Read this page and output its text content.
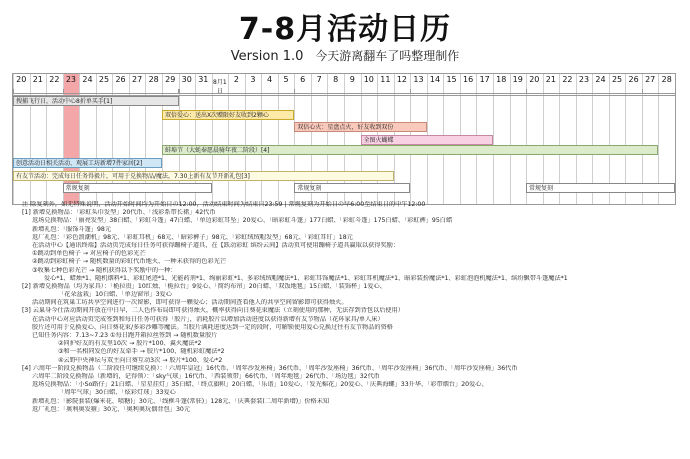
7-8月活动日历
Version 1.0 今天游离翻车了吗整理制作
20 21 22 23 24 25 26 27 28 29 30 31 8月1日
2	3	4	5	6	7	8	9	10 11 12 13 14 15 16 17 18 19 20 21 22 23 24 25 26 27 28
搜捕飞行日，活动中心8折单买手[1]
双倍爱心：送出X次赠限好友收到2颗心
双倍心火：星盘点火，好友收到双份
全图火蝴蝶
蚌埠节（大蚝奉愿晨骑年夜二阶段）[4]
创意活动日相关活动、观展工坊新增7件家居[2]
有友节活动：完成每日任务得毅片，可用于兑换物品/魔法，7.30上新有友节开新礼包[3]
常规复刻	常规复刻	常规复刻
注 除复刻外，如无特殊说明，活动开始时间均为开始日の12:00，活动结束时间为结束日23:59 | 常规复刻为开始日の早6:00至结束日的中午12:00
[1] 新增兑换物品：「彩虹头巾发型」20代币、「浅彩系带长裙」42代币
返场兑换物品：「丽亮发型」38白蜡、「彩虹斗篷」47白蜡、「单边彩虹耳坠」20爱心、「暗彩虹斗篷」177白蜡、「彩虹斗篷」175白蜡、「彩虹裤」95白蜡
新增礼包：「服饰斗篷」98元
返厂礼包：「彩色浪潮机」98元、「彩虹耳机」68元、「暗彩裤子」98元、「彩虹绒绒帽发型」68元、「彩虹耳钉」18元
在活动中心【通讯终端】活动页完成每日任务可获得蹦椅子道具，在【跃动彩虹 缤纷云间】活动页可使用蹦椅子道具赢取以获得奖励：
①跳动到单色椅子 → 对应椅子的色彩光芒
②跳动到彩虹椅子 → 随机数量的彩虹代币地火、一种未获得的色彩光芒
③收集七种色彩光芒 → 随机获得以下奖励中的一种：
爱心*1、蜡烛*1、随机烟料*1、彩虹尾迹*1、光能药剂*1、绚丽彩虹*1、多彩绒绒帽魔法*1、彩虹耳饰魔法*1、彩虹耳机魔法*1、暗彩装扮魔法*1、彩虹泡泡机魔法*1、缤纷飘带斗篷魔法*1
[2] 新增兑换物品（均为家具）：「桅拉贵」10红烛、「桅拉台」9爱心、「简约布帘」20白蜡、「双饭地毯」15白蜡、「装饰杯」1爱心、
「花朵盆栽」10白蜡、「单边窗帘」3爱心
活动期间在筑巢工坊共享空间进行一次留影，即可获得一颗爱心；活动期间查看他人的共享空间留影即可获得烛火。
[3] 云巢身今仕活动期间开放在中日早，二人色作布局即可获得烛火，概率获得向日葵花束魔法（立刻使用的那种，无法存到背包以后使用）
在活动中心对应活动页完成签到和每日任务可获得「胶片」，消耗胶片以增加活动进度以获得新增有友节物品（花环家具/单人床）
胶片还可用于兑换爱心、向日葵花束/多彩沙雕等魔法。当胶片满耗进度达到一定的段时，可解锁使用爱心兑换过往有友节物品的资格
已知任务内容：7.13~7.23 ①每日跑开箱拉丝签到 → 随机数量胶片
②同护好友的有友里10次 → 胶片*100、翼火魔法*2
③和一名相同发色的好友牵手 → 胶片*100、随机彩虹魔法*2
④云野中央神坛与双主向日葵互动3次 → 胶片*100、爱心*2
[4] 六周年一阶段兑换物品（二阶段任可继续兑换）：「六周年皇冠」16代币、「周年沙发座椅」36代币、「周年沙发座椅」36代币、「周年沙发座椅」36代币、「周年沙发座椅」36代币
六周年二阶段兑换物品（新增的，记得领）：「sky气球」16代币、「西装领带」66代币、「周年地毯」26代币、「场边毯」32代币
返场兑换物品：「小So路仔」21白蜡、「星星挂灯」35白蜡、「终点旗帜」20白蜡、「乐谱」10爱心、「发光棉花」20爱心、「庆典海螺」33升华、「彩带烟台」20爱心、
「周年气球」30白蜡、「炫彩灯球」33爱心
新增礼包：「影院套装(爆米花、喷糖)」30元、「线框斗篷(常驻)」128元、「庆典套装(二周年新增)」价格未知
返厂礼包：「奥利奥发箍」30元、「奥利奥玩偶背包」30元
